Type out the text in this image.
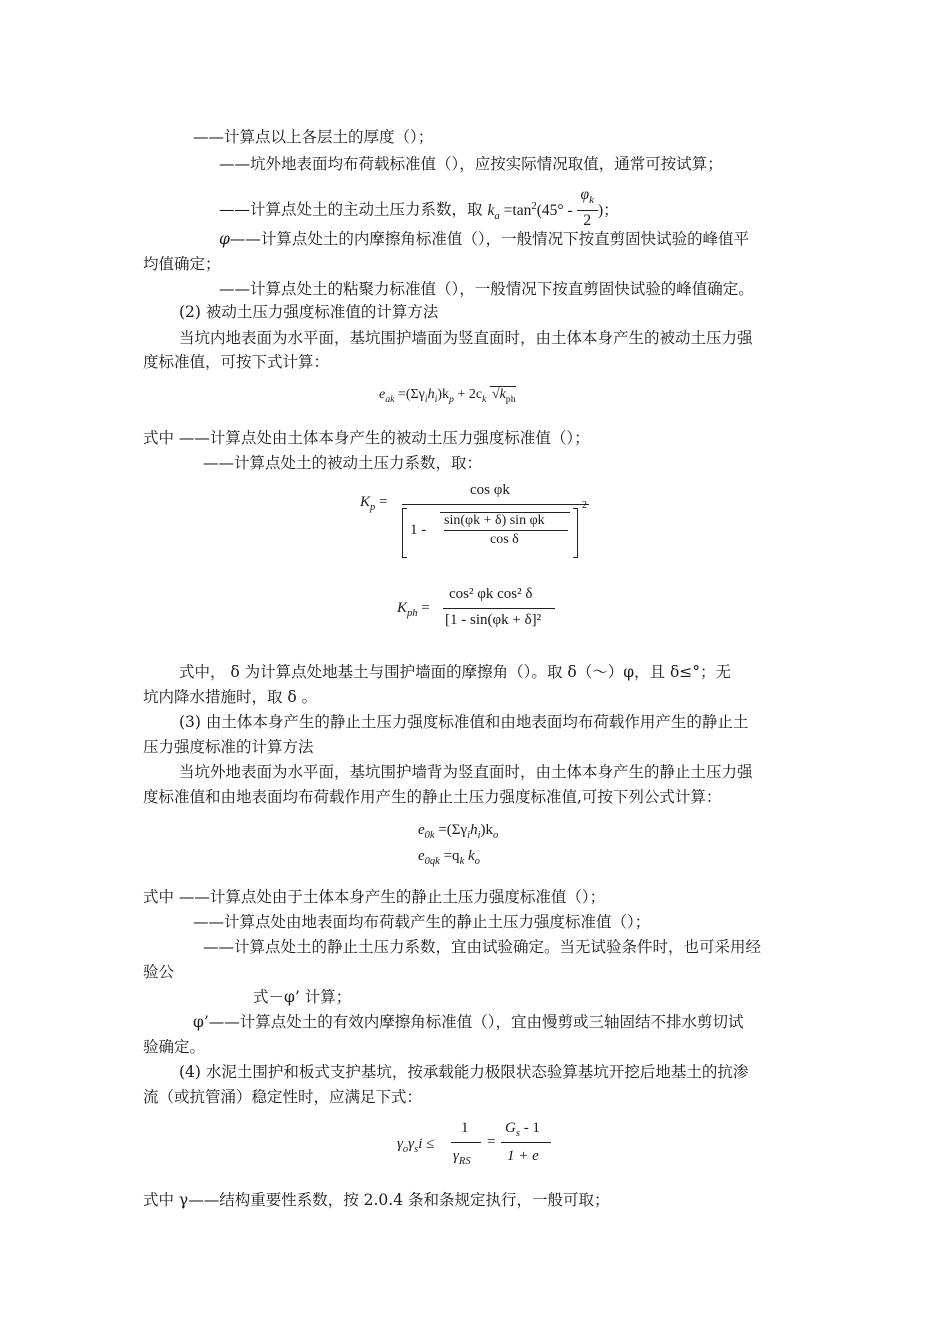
——计算点以上各层土的厚度（）；
——坑外地表面均布荷载标准值（），应按实际情况取值，通常可按试算；
——计算点处土的主动土压力系数，取 $k_a =\tan^2(45^\circ - \frac{\varphi_k}{2}$ )；
φ——计算点处土的内摩擦角标准值（），一般情况下按直剪固快试验的峰值平
均值确定；
——计算点处土的粘聚力标准值（），一般情况下按直剪固快试验的峰值确定。
(2) 被动土压力强度标准值的计算方法
当坑内地表面为水平面，基坑围护墙面为竖直面时，由土体本身产生的被动土压力强
度标准值，可按下式计算：
$e_{ak} =(\Sigma\gamma_ih_i)k_p + 2c_k$ $√k_{ph}$
式中 ——计算点处由土体本身产生的被动土压力强度标准值（）；
——计算点处土的被动土压力系数，取：
$K_p$ =
cos φk
1 -
sin(φk + δ) sin φk
cos δ
2
$K_{ph}$ =
cos² φk cos² δ
[1 - sin(φk + δ]²
式中， δ 为计算点处地基土与围护墙面的摩擦角（）。取 δ（～）φ，且 δ≤°；无
坑内降水措施时，取 δ 。
(3) 由土体本身产生的静止土压力强度标准值和由地表面均布荷载作用产生的静止土
压力强度标准的计算方法
当坑外地表面为水平面，基坑围护墙背为竖直面时，由土体本身产生的静止土压力强
度标准值和由地表面均布荷载作用产生的静止土压力强度标准值,可按下列公式计算：
$e_{0k} =(\Sigma\gamma_ih_i)k_o$
$e_{0qk} =q_k$ $k_o$
式中 ——计算点处由于土体本身产生的静止土压力强度标准值（）；
——计算点处由地表面均布荷载产生的静止土压力强度标准值（）；
——计算点处土的静止土压力系数，宜由试验确定。当无试验条件时，也可采用经
验公
式－φ’ 计算；
φ’——计算点处土的有效内摩擦角标准值（），宜由慢剪或三轴固结不排水剪切试
验确定。
(4) 水泥土围护和板式支护基坑，按承载能力极限状态验算基坑开挖后地基土的抗渗
流（或抗管涌）稳定性时，应满足下式：
$\gamma_o\gamma_si$ ≤
1
$\gamma_{RS}$
=
$G_s - 1$
1 + e
式中 γ——结构重要性系数，按 2.0.4 条和条规定执行，一般可取；
